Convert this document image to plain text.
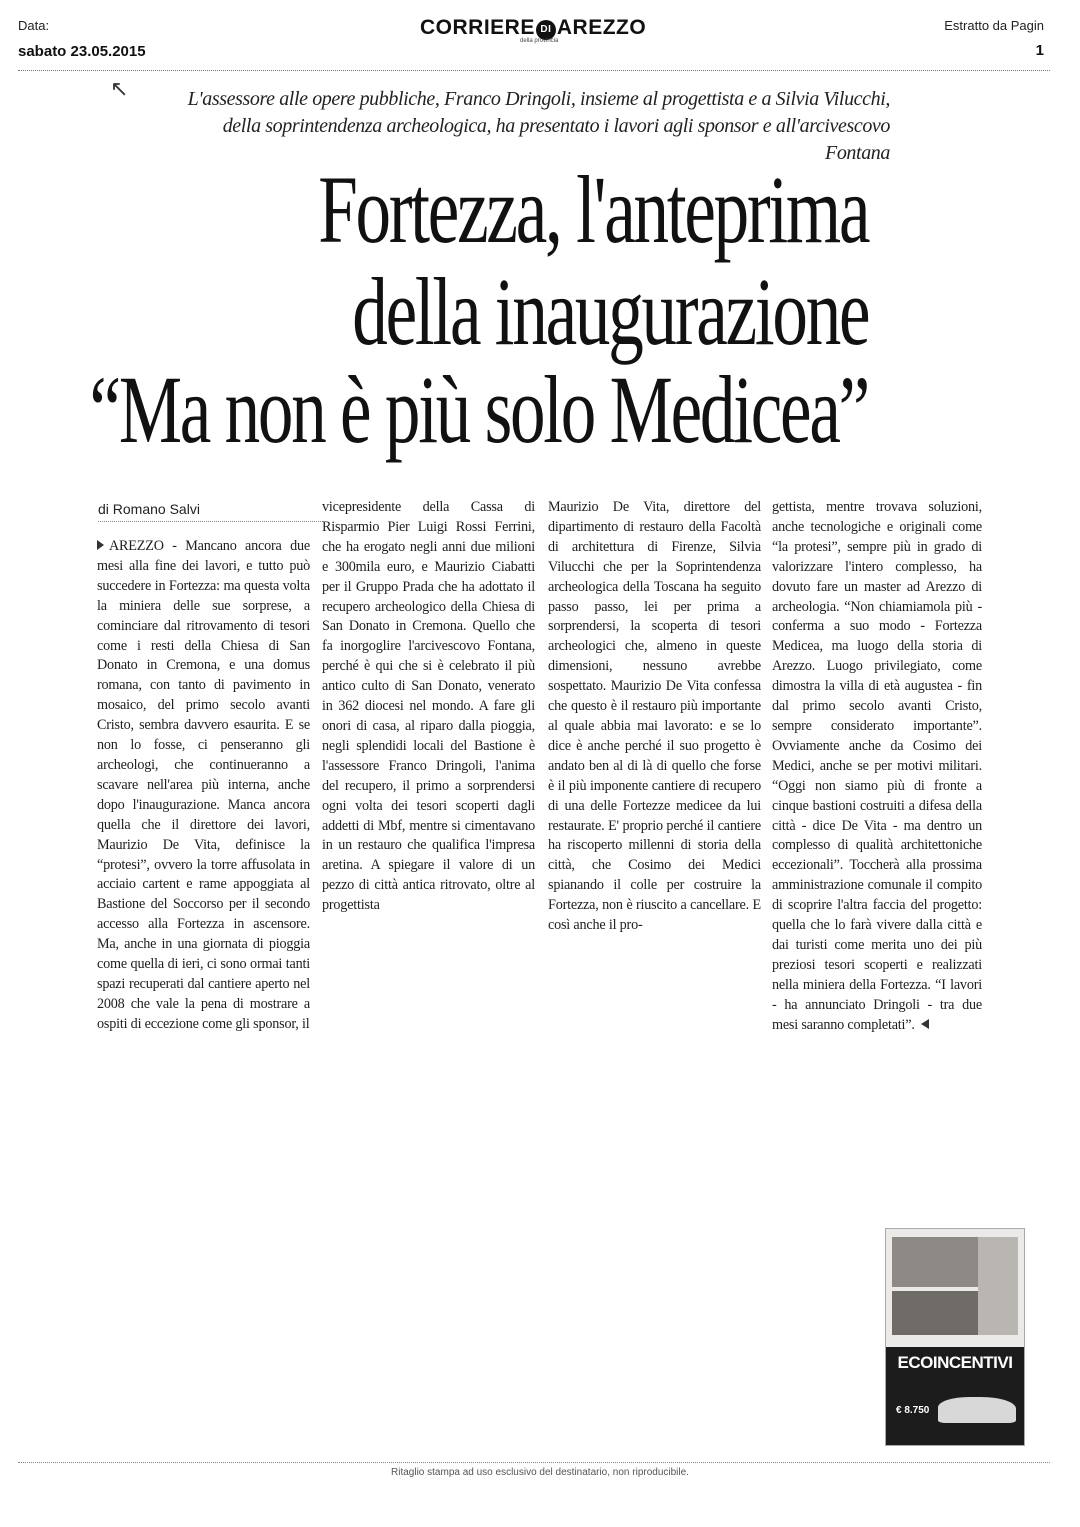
Data:
sabato 23.05.2015
CORRIERE DI AREZZO
della provincia
Estratto da Pagin
1
↖	L'assessore alle opere pubbliche, Franco Dringoli, insieme al progettista e a Silvia Vilucchi,
della soprintendenza archeologica, ha presentato i lavori agli sponsor e all'arcivescovo Fontana
Fortezza, l'anteprima
della inaugurazione
“Ma non è più solo Medicea”
di Romano Salvi
AREZZO - Mancano ancora due mesi alla fine dei lavori, e tutto può succedere in Fortezza: ma questa volta la miniera delle sue sorprese, a cominciare dal ritrovamento di tesori come i resti della Chiesa di San Donato in Cremona, e una domus romana, con tanto di pavimento in mosaico, del primo secolo avanti Cristo, sembra davvero esaurita. E se non lo fosse, ci penseranno gli archeologi, che continueranno a scavare nell'area più interna, anche dopo l'inaugurazione. Manca ancora quella che il direttore dei lavori, Maurizio De Vita, definisce la “protesi”, ovvero la torre affusolata in acciaio cartent e rame appoggiata al Bastione del Soccorso per il secondo accesso alla Fortezza in ascensore. Ma, anche in una giornata di pioggia come quella di ieri, ci sono ormai tanti spazi recuperati dal cantiere aperto nel 2008 che vale la pena di mostrare a ospiti di eccezione come gli sponsor, il
vicepresidente della Cassa di Risparmio Pier Luigi Rossi Ferrini, che ha erogato negli anni due milioni e 300mila euro, e Maurizio Ciabatti per il Gruppo Prada che ha adottato il recupero archeologico della Chiesa di San Donato in Cremona. Quello che fa inorgoglire l'arcivescovo Fontana, perché è qui che si è celebrato il più antico culto di San Donato, venerato in 362 diocesi nel mondo. A fare gli onori di casa, al riparo dalla pioggia, negli splendidi locali del Bastione è l'assessore Franco Dringoli, l'anima del recupero, il primo a sorprendersi ogni volta dei tesori scoperti dagli addetti di Mbf, mentre si cimentavano in un restauro che qualifica l'impresa aretina. A spiegare il valore di un pezzo di città antica ritrovato, oltre al progettista
Maurizio De Vita, direttore del dipartimento di restauro della Facoltà di architettura di Firenze, Silvia Vilucchi che per la Soprintendenza archeologica della Toscana ha seguito passo passo, lei per prima a sorprendersi, la scoperta di tesori archeologici che, almeno in queste dimensioni, nessuno avrebbe sospettato. Maurizio De Vita confessa che questo è il restauro più importante al quale abbia mai lavorato: e se lo dice è anche perché il suo progetto è andato ben al di là di quello che forse è il più imponente cantiere di recupero di una delle Fortezze medicee da lui restaurate. E' proprio perché il cantiere ha riscoperto millenni di storia della città, che Cosimo dei Medici spianando il colle per costruire la Fortezza, non è riuscito a cancellare. E così anche il pro-
gettista, mentre trovava soluzioni, anche tecnologiche e originali come “la protesi”, sempre più in grado di valorizzare l'intero complesso, ha dovuto fare un master ad Arezzo di archeologia. “Non chiamiamola più - conferma a suo modo - Fortezza Medicea, ma luogo della storia di Arezzo. Luogo privilegiato, come dimostra la villa di età augustea - fin dal primo secolo avanti Cristo, sempre considerato importante”. Ovviamente anche da Cosimo dei Medici, anche se per motivi militari. “Oggi non siamo più di fronte a cinque bastioni costruiti a difesa della città - dice De Vita - ma dentro un complesso di qualità architettoniche eccezionali”. Toccherà alla prossima amministrazione comunale il compito di scoprire l'altra faccia del progetto: quella che lo farà vivere dalla città e dai turisti come merita uno dei più preziosi tesori scoperti e realizzati nella miniera della Fortezza. “I lavori - ha annunciato Dringoli - tra due mesi saranno completati”.
ECOINCENTIVI
€ 8.750
Ritaglio stampa ad uso esclusivo del destinatario, non riproducibile.
